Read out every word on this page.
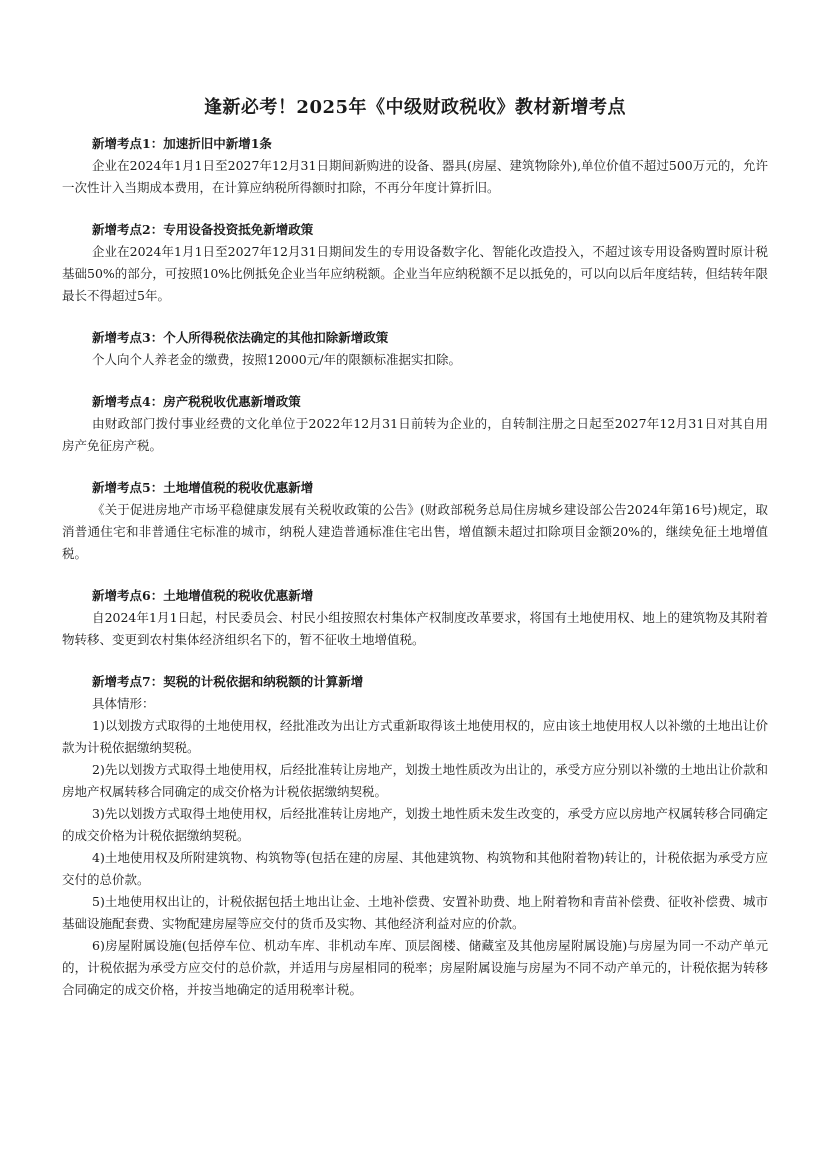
逢新必考！2025年《中级财政税收》教材新增考点

新增考点1：加速折旧中新增1条

企业在2024年1月1日至2027年12月31日期间新购进的设备、器具(房屋、建筑物除外),单位价值不超过500万元的，允许一次性计入当期成本费用，在计算应纳税所得额时扣除，不再分年度计算折旧。

新增考点2：专用设备投资抵免新增政策

企业在2024年1月1日至2027年12月31日期间发生的专用设备数字化、智能化改造投入，不超过该专用设备购置时原计税基础50%的部分，可按照10%比例抵免企业当年应纳税额。企业当年应纳税额不足以抵免的，可以向以后年度结转，但结转年限最长不得超过5年。

新增考点3：个人所得税依法确定的其他扣除新增政策

个人向个人养老金的缴费，按照12000元/年的限额标准据实扣除。

新增考点4：房产税税收优惠新增政策

由财政部门拨付事业经费的文化单位于2022年12月31日前转为企业的，自转制注册之日起至2027年12月31日对其自用房产免征房产税。

新增考点5：土地增值税的税收优惠新增

《关于促进房地产市场平稳健康发展有关税收政策的公告》(财政部税务总局住房城乡建设部公告2024年第16号)规定，取消普通住宅和非普通住宅标准的城市，纳税人建造普通标准住宅出售，增值额未超过扣除项目金额20%的，继续免征土地增值税。

新增考点6：土地增值税的税收优惠新增

自2024年1月1日起，村民委员会、村民小组按照农村集体产权制度改革要求，将国有土地使用权、地上的建筑物及其附着物转移、变更到农村集体经济组织名下的，暂不征收土地增值税。

新增考点7：契税的计税依据和纳税额的计算新增

具体情形：

1)以划拨方式取得的土地使用权，经批准改为出让方式重新取得该土地使用权的，应由该土地使用权人以补缴的土地出让价款为计税依据缴纳契税。

2)先以划拨方式取得土地使用权，后经批准转让房地产，划拨土地性质改为出让的，承受方应分别以补缴的土地出让价款和房地产权属转移合同确定的成交价格为计税依据缴纳契税。

3)先以划拨方式取得土地使用权，后经批准转让房地产，划拨土地性质未发生改变的，承受方应以房地产权属转移合同确定的成交价格为计税依据缴纳契税。

4)土地使用权及所附建筑物、构筑物等(包括在建的房屋、其他建筑物、构筑物和其他附着物)转让的，计税依据为承受方应交付的总价款。

5)土地使用权出让的，计税依据包括土地出让金、土地补偿费、安置补助费、地上附着物和青苗补偿费、征收补偿费、城市基础设施配套费、实物配建房屋等应交付的货币及实物、其他经济利益对应的价款。

6)房屋附属设施(包括停车位、机动车库、非机动车库、顶层阁楼、储藏室及其他房屋附属设施)与房屋为同一不动产单元的，计税依据为承受方应交付的总价款，并适用与房屋相同的税率；房屋附属设施与房屋为不同不动产单元的，计税依据为转移合同确定的成交价格，并按当地确定的适用税率计税。
